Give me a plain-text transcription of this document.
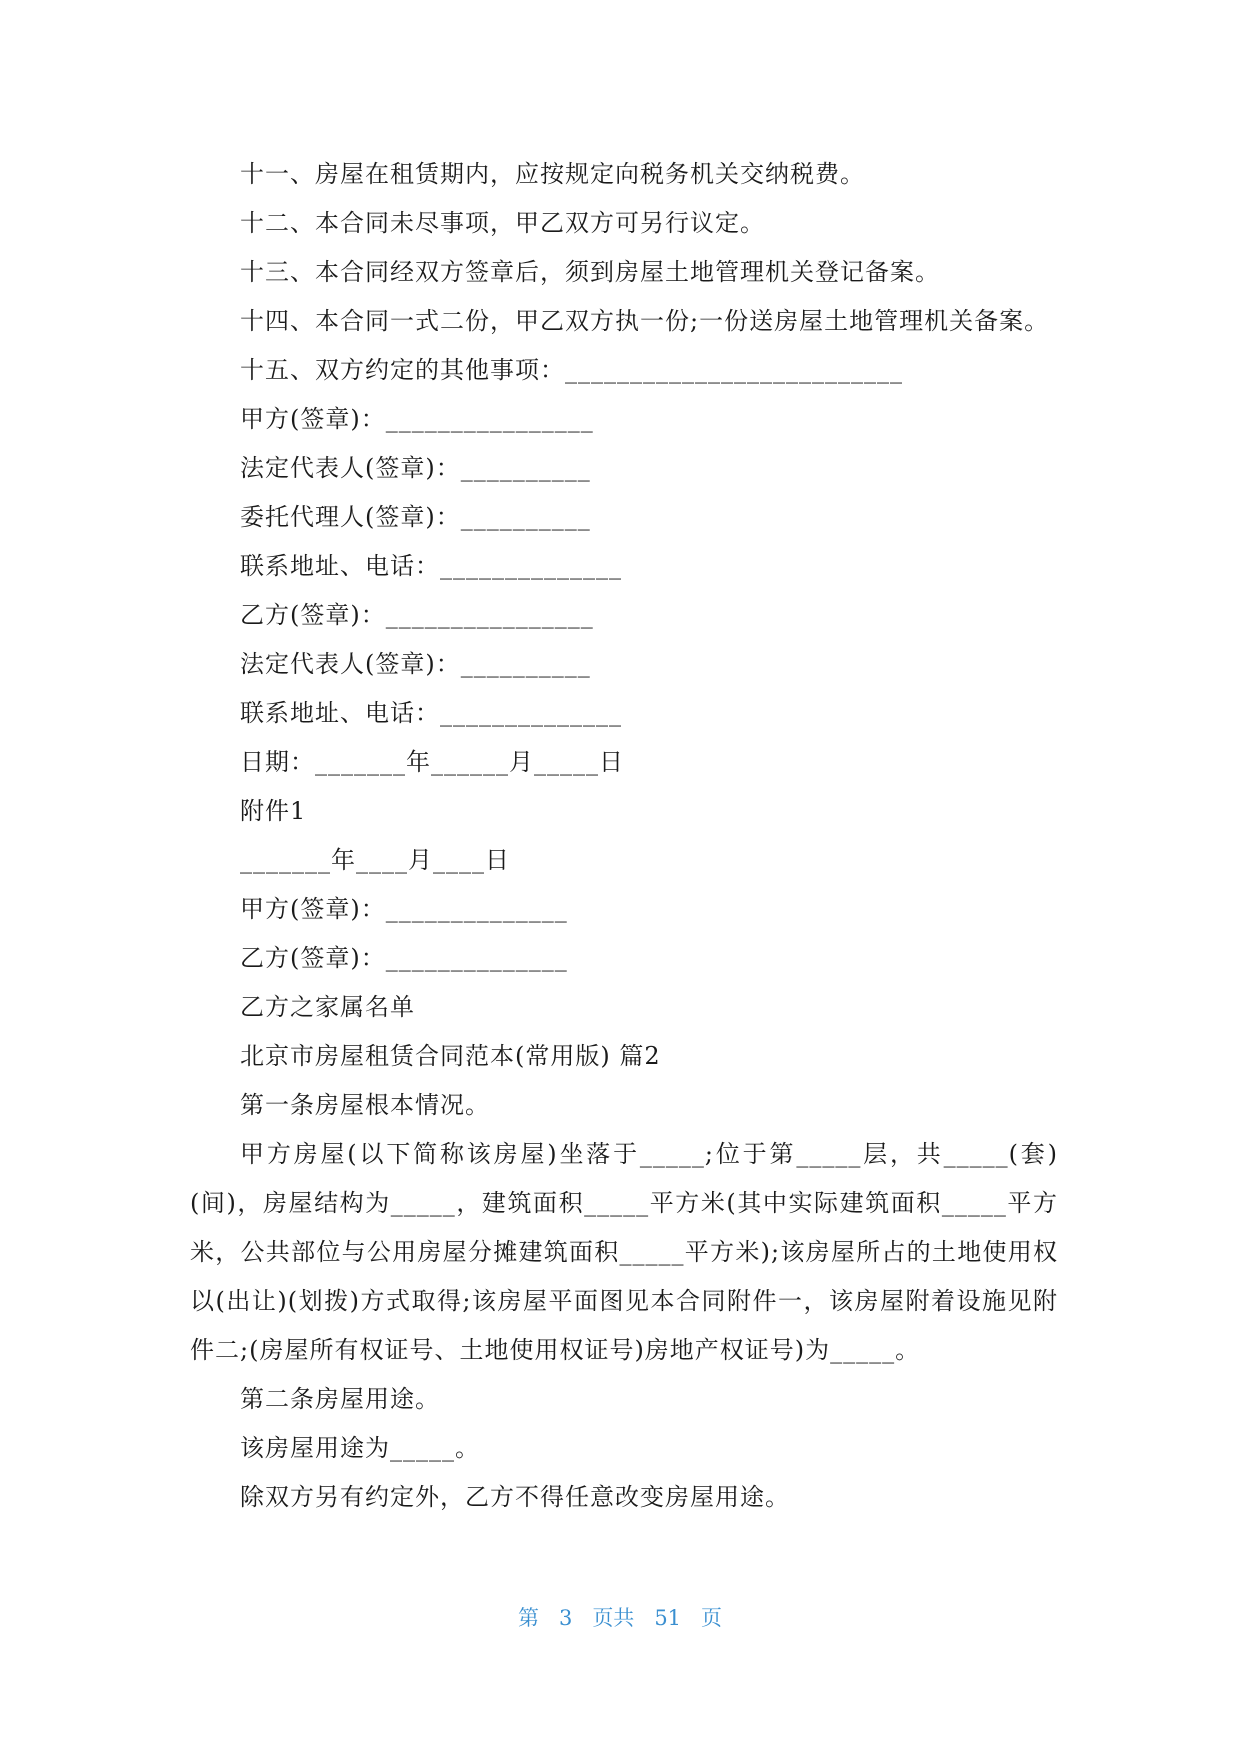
十一、房屋在租赁期内，应按规定向税务机关交纳税费。
十二、本合同未尽事项，甲乙双方可另行议定。
十三、本合同经双方签章后，须到房屋土地管理机关登记备案。
十四、本合同一式二份，甲乙双方执一份;一份送房屋土地管理机关备案。
十五、双方约定的其他事项：__________________________
甲方(签章)：________________
法定代表人(签章)：__________
委托代理人(签章)：__________
联系地址、电话：______________
乙方(签章)：________________
法定代表人(签章)：__________
联系地址、电话：______________
日期：_______年______月_____日
附件1
_______年____月____日
甲方(签章)：______________
乙方(签章)：______________
乙方之家属名单
北京市房屋租赁合同范本(常用版) 篇2
第一条房屋根本情况。
甲方房屋(以下简称该房屋)坐落于_____;位于第_____层，共_____(套)(间)，房屋结构为_____，建筑面积_____平方米(其中实际建筑面积_____平方米，公共部位与公用房屋分摊建筑面积_____平方米);该房屋所占的土地使用权以(出让)(划拨)方式取得;该房屋平面图见本合同附件一，该房屋附着设施见附件二;(房屋所有权证号、土地使用权证号)房地产权证号)为_____。
第二条房屋用途。
该房屋用途为_____。
除双方另有约定外，乙方不得任意改变房屋用途。
第 3 页共 51 页
